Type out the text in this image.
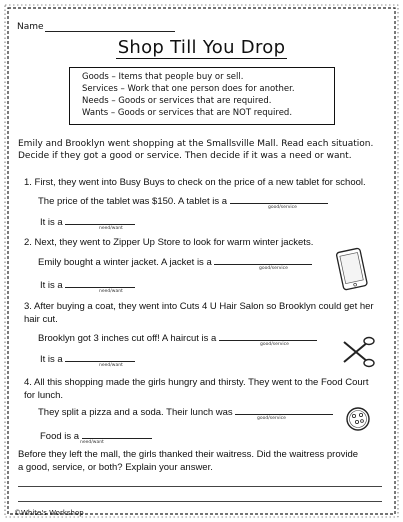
Name
Shop Till You Drop
Goods – Items that people buy or sell.
Services – Work that one person does for another.
Needs – Goods or services that are required.
Wants – Goods or services that are NOT required.
Emily and Brooklyn went shopping at the Smallsville Mall. Read each situation.
Decide if they got a good or service. Then decide if it was a need or want.
1. First, they went into Busy Buys to check on the price of a new tablet for school.
The price of the tablet was $150. A tablet is a
good/service
It is a
need/want
2. Next, they went to Zipper Up Store to look for warm winter jackets.
Emily bought a winter jacket. A jacket is a
good/service
It is a
need/want
3. After buying a coat, they went into Cuts 4 U Hair Salon so Brooklyn could get her
hair cut.
Brooklyn got 3 inches cut off! A haircut is a
good/service
It is a
need/want
4. All this shopping made the girls hungry and thirsty. They went to the Food Court
for lunch.
They split a pizza and a soda. Their lunch was
good/service
Food is a
need/want
Before they left the mall, the girls thanked their waitress. Did the waitress provide
a good, service, or both? Explain your answer.
©White's Workshop
